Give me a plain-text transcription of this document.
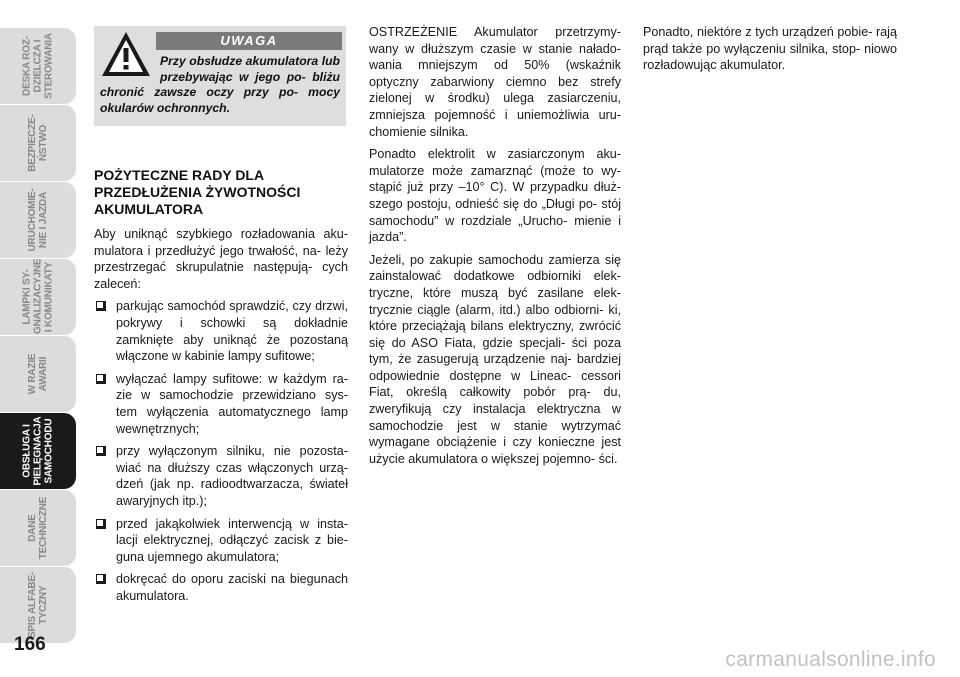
DESKA ROZ-
DZIELCZA I
STEROWANIA
BEZPIECZE-
ŃSTWO
URUCHOMIE-
NIE I JAZDA
LAMPKI SY-
GNALIZACYJNE
I KOMUNIKATY
W RAZIE
AWARII
OBSŁUGA I
PIELĘGNACJA
SAMOCHODU
DANE
TECHNICZNE
SPIS ALFABE-
TYCZNY
166
UWAGA

Przy obsłudze akumulatora lub przebywając w jego po- bliżu chronić zawsze oczy przy po- mocy okularów ochronnych.

POŻYTECZNE RADY DLA
PRZEDŁUŻENIA ŻYWOTNOŚCI
AKUMULATORA

Aby uniknąć szybkiego rozładowania aku- mulatora i przedłużyć jego trwałość, na- leży przestrzegać skrupulatnie następują- cych zaleceń:

parkując samochód sprawdzić, czy drzwi, pokrywy i schowki są dokładnie zamknięte aby uniknąć że pozostaną włączone w kabinie lampy sufitowe;
wyłączać lampy sufitowe: w każdym ra- zie w samochodzie przewidziano sys- tem wyłączenia automatycznego lamp wewnętrznych;
przy wyłączonym silniku, nie pozosta- wiać na dłuższy czas włączonych urzą- dzeń (jak np. radioodtwarzacza, świateł awaryjnych itp.);
przed jakąkolwiek interwencją w insta- lacji elektrycznej, odłączyć zacisk z bie- guna ujemnego akumulatora;
dokręcać do oporu zaciski na biegunach akumulatora.

OSTRZEŻENIE Akumulator przetrzymy- wany w dłuższym czasie w stanie nałado- wania mniejszym od 50% (wskaźnik optyczny zabarwiony ciemno bez strefy zielonej w środku) ulega zasiarczeniu, zmniejsza pojemność i uniemożliwia uru- chomienie silnika.

Ponadto elektrolit w zasiarczonym aku- mulatorze może zamarznąć (może to wy- stąpić już przy –10° C). W przypadku dłuż- szego postoju, odnieść się do „Długi po- stój samochodu” w rozdziale „Urucho- mienie i jazda”.

Jeżeli, po zakupie samochodu zamierza się zainstalować dodatkowe odbiorniki elek- tryczne, które muszą być zasilane elek- trycznie ciągle (alarm, itd.) albo odbiorni- ki, które przeciążają bilans elektryczny, zwrócić się do ASO Fiata, gdzie specjali- ści poza tym, że zasugerują urządzenie naj- bardziej odpowiednie dostępne w Lineac- cessori Fiat, określą całkowity pobór prą- du, zweryfikują czy instalacja elektryczna w samochodzie jest w stanie wytrzymać wymagane obciążenie i czy konieczne jest użycie akumulatora o większej pojemno- ści.

Ponadto, niektóre z tych urządzeń pobie- rają prąd także po wyłączeniu silnika, stop- niowo rozładowując akumulator.

carmanualsonline.info
